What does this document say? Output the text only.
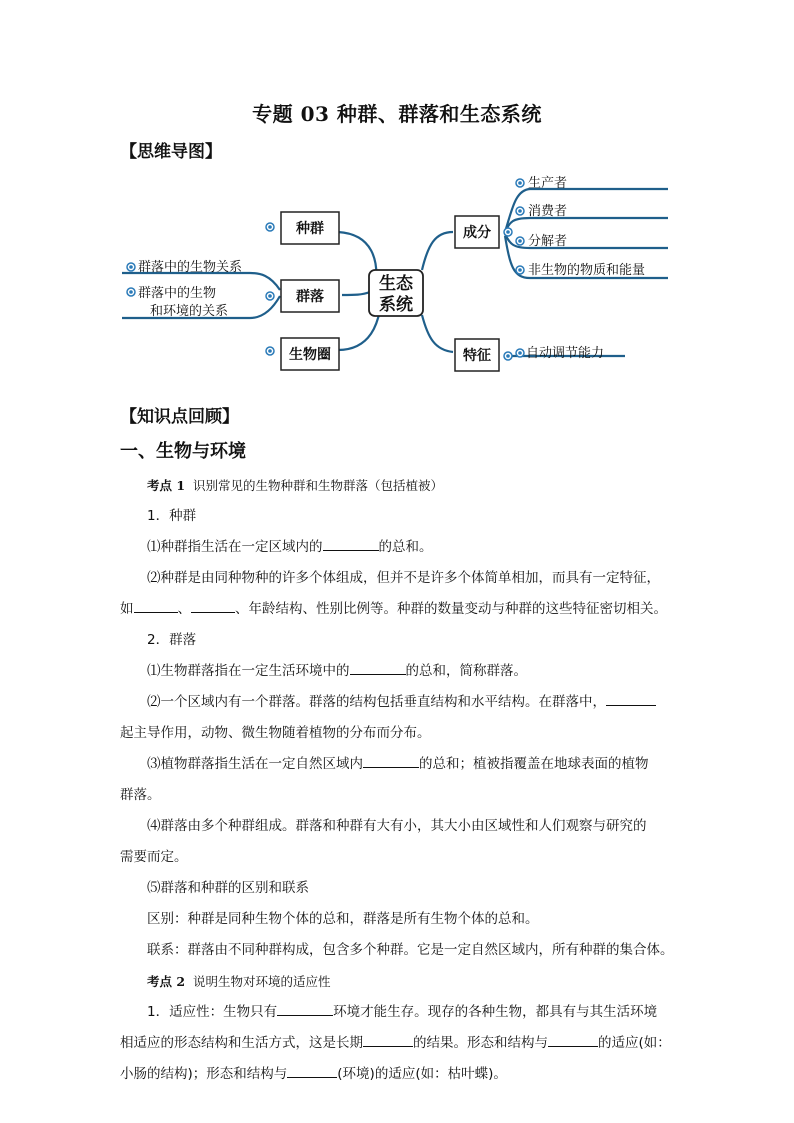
专题 03 种群、群落和生态系统
【思维导图】
种群
群落
生物圈
生态
系统
成分
特征
群落中的生物关系
群落中的生物
和环境的关系
生产者
消费者
分解者
非生物的物质和能量
自动调节能力
【知识点回顾】
一、生物与环境

考点 1 识别常见的生物种群和生物群落（包括植被）

1．种群

⑴种群指生活在一定区域内的	的总和。

⑵种群是由同种物种的许多个体组成，但并不是许多个体简单相加，而具有一定特征，

如	、	、年龄结构、性别比例等。种群的数量变动与种群的这些特征密切相关。

2．群落

⑴生物群落指在一定生活环境中的	的总和，简称群落。

⑵一个区域内有一个群落。群落的结构包括垂直结构和水平结构。在群落中，

起主导作用，动物、微生物随着植物的分布而分布。

⑶植物群落指生活在一定自然区域内	的总和；植被指覆盖在地球表面的植物

群落。

⑷群落由多个种群组成。群落和种群有大有小，其大小由区域性和人们观察与研究的

需要而定。

⑸群落和种群的区别和联系

区别：种群是同种生物个体的总和，群落是所有生物个体的总和。

联系：群落由不同种群构成，包含多个种群。它是一定自然区域内，所有种群的集合体。

考点 2 说明生物对环境的适应性

1．适应性：生物只有	环境才能生存。现存的各种生物，都具有与其生活环境

相适应的形态结构和生活方式，这是长期	的结果。形态和结构与	的适应(如：

小肠的结构)；形态和结构与	(环境)的适应(如：枯叶蝶)。
